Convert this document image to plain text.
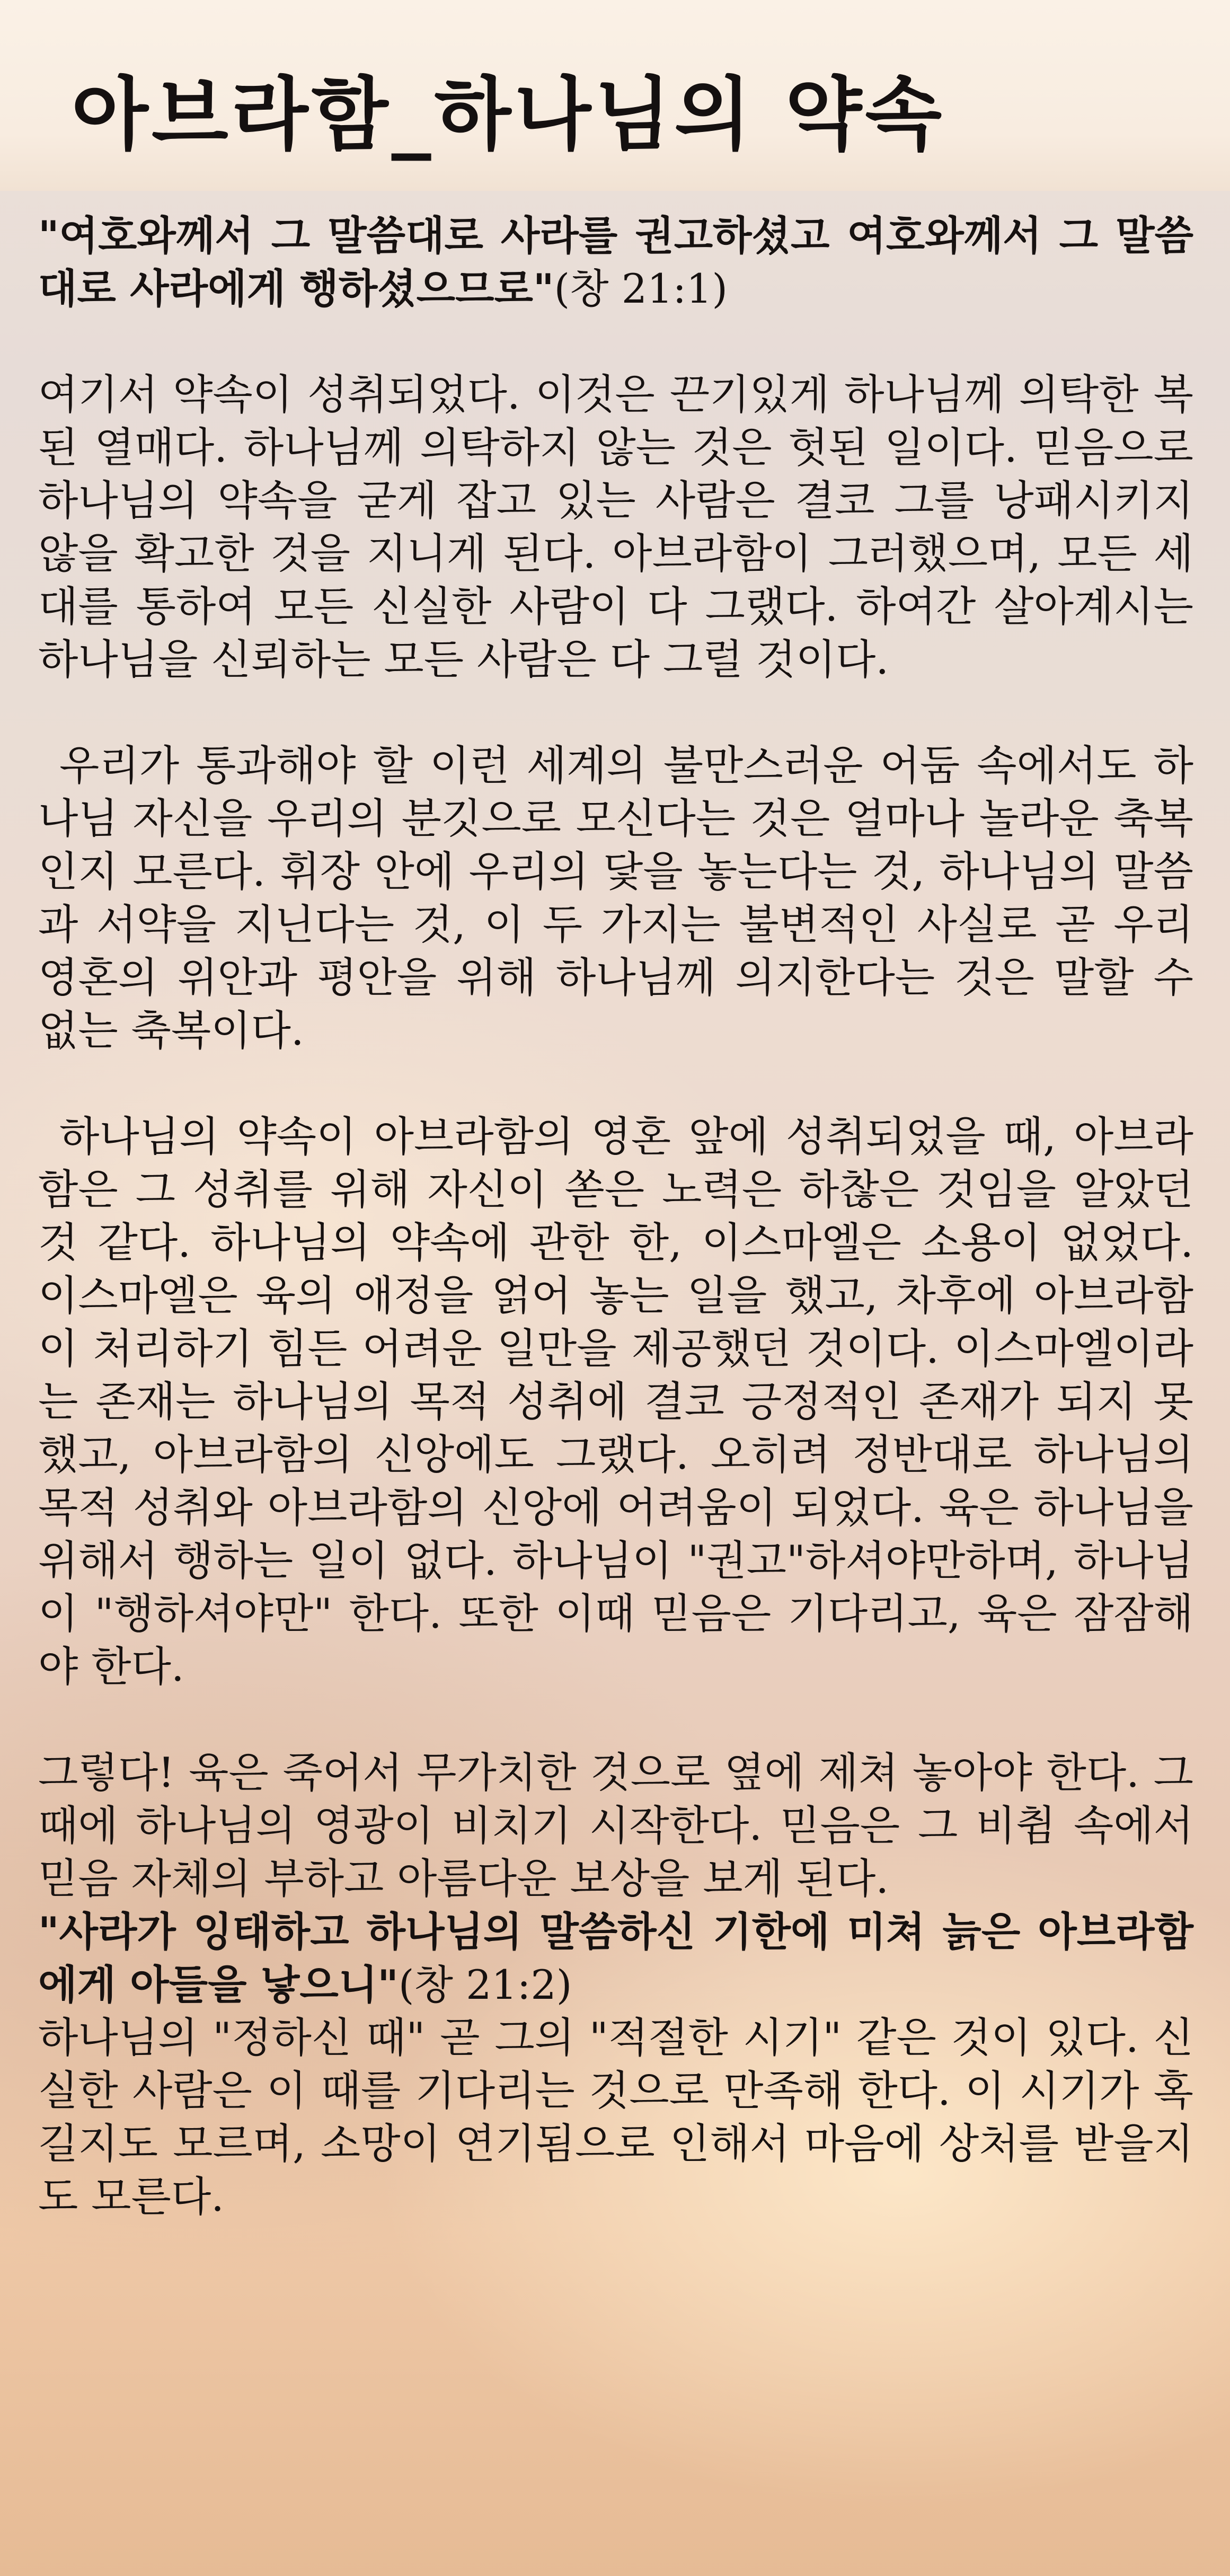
아브라함_하나님의 약속

"여호와께서 그 말씀대로 사라를 권고하셨고 여호와께서 그 말씀대로 사라에게 행하셨으므로"(창 21:1)

여기서 약속이 성취되었다. 이것은 끈기있게 하나님께 의탁한 복된 열매다. 하나님께 의탁하지 않는 것은 헛된 일이다. 믿음으로 하나님의 약속을 굳게 잡고 있는 사람은 결코 그를 낭패시키지 않을 확고한 것을 지니게 된다. 아브라함이 그러했으며, 모든 세대를 통하여 모든 신실한 사람이 다 그랬다. 하여간 살아계시는 하나님을 신뢰하는 모든 사람은 다 그럴 것이다.

우리가 통과해야 할 이런 세계의 불만스러운 어둠 속에서도 하나님 자신을 우리의 분깃으로 모신다는 것은 얼마나 놀라운 축복인지 모른다. 휘장 안에 우리의 닻을 놓는다는 것, 하나님의 말씀과 서약을 지닌다는 것, 이 두 가지는 불변적인 사실로 곧 우리 영혼의 위안과 평안을 위해 하나님께 의지한다는 것은 말할 수 없는 축복이다.

하나님의 약속이 아브라함의 영혼 앞에 성취되었을 때, 아브라함은 그 성취를 위해 자신이 쏟은 노력은 하찮은 것임을 알았던 것 같다. 하나님의 약속에 관한 한, 이스마엘은 소용이 없었다. 이스마엘은 육의 애정을 얽어 놓는 일을 했고, 차후에 아브라함이 처리하기 힘든 어려운 일만을 제공했던 것이다. 이스마엘이라는 존재는 하나님의 목적 성취에 결코 긍정적인 존재가 되지 못했고, 아브라함의 신앙에도 그랬다. 오히려 정반대로 하나님의 목적 성취와 아브라함의 신앙에 어려움이 되었다. 육은 하나님을 위해서 행하는 일이 없다. 하나님이 "권고"하셔야만하며, 하나님이 "행하셔야만" 한다. 또한 이때 믿음은 기다리고, 육은 잠잠해야 한다.

그렇다! 육은 죽어서 무가치한 것으로 옆에 제쳐 놓아야 한다. 그 때에 하나님의 영광이 비치기 시작한다. 믿음은 그 비췸 속에서 믿음 자체의 부하고 아름다운 보상을 보게 된다.

"사라가 잉태하고 하나님의 말씀하신 기한에 미쳐 늙은 아브라함에게 아들을 낳으니"(창 21:2)

하나님의 "정하신 때" 곧 그의 "적절한 시기" 같은 것이 있다. 신실한 사람은 이 때를 기다리는 것으로 만족해 한다. 이 시기가 혹 길지도 모르며, 소망이 연기됨으로 인해서 마음에 상처를 받을지도 모른다.
